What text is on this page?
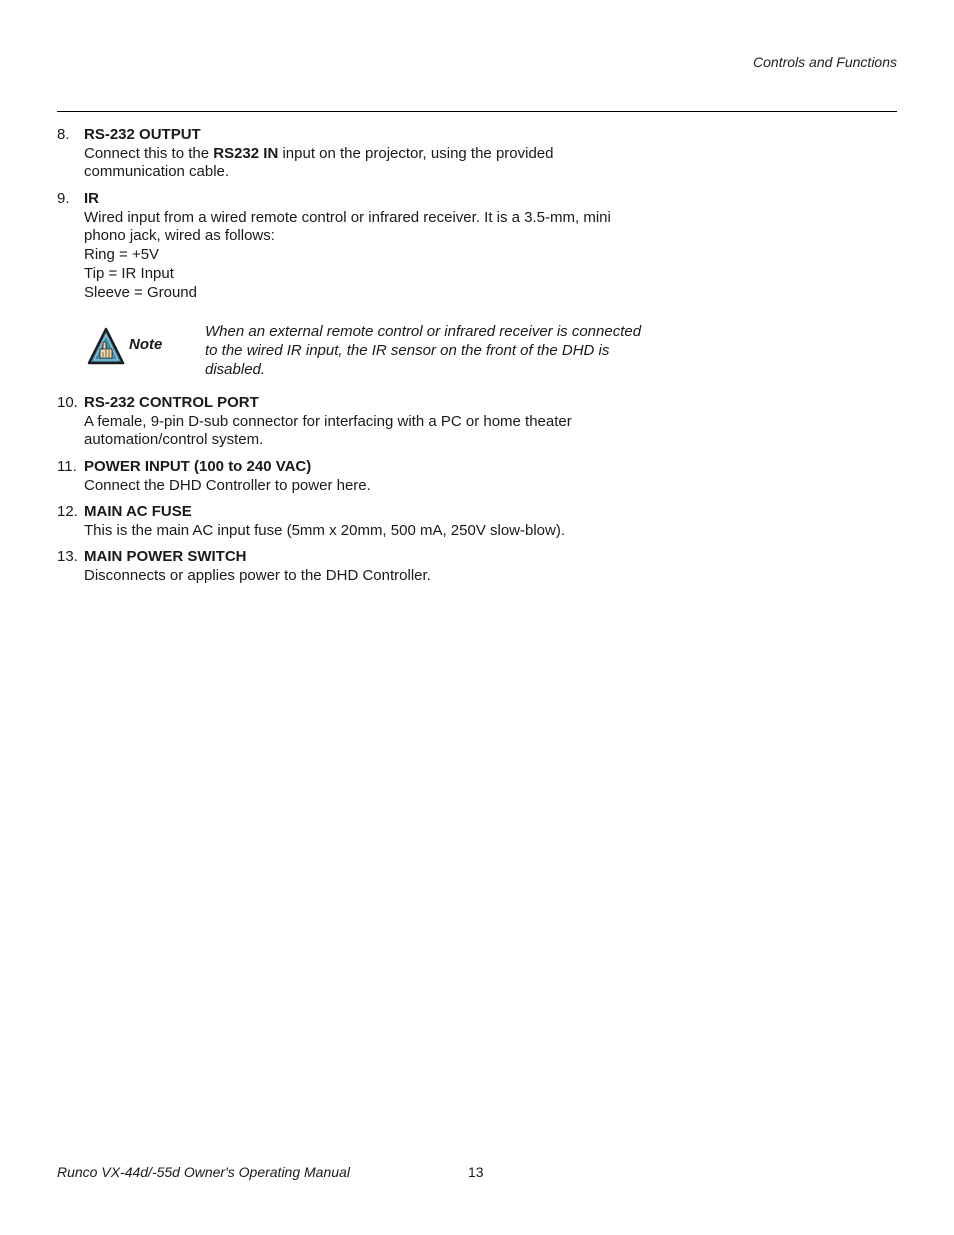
Controls and Functions
8. RS-232 OUTPUT
Connect this to the RS232 IN input on the projector, using the provided
communication cable.
9. IR
Wired input from a wired remote control or infrared receiver. It is a 3.5-mm, mini
phono jack, wired as follows:
Ring = +5V
Tip = IR Input
Sleeve = Ground
Note
When an external remote control or infrared receiver is connected
to the wired IR input, the IR sensor on the front of the DHD is
disabled.
10. RS-232 CONTROL PORT
A female, 9-pin D-sub connector for interfacing with a PC or home theater
automation/control system.
11. POWER INPUT (100 to 240 VAC)
Connect the DHD Controller to power here.
12. MAIN AC FUSE
This is the main AC input fuse (5mm x 20mm, 500 mA, 250V slow-blow).
13. MAIN POWER SWITCH
Disconnects or applies power to the DHD Controller.
Runco VX-44d/-55d Owner's Operating Manual	13
